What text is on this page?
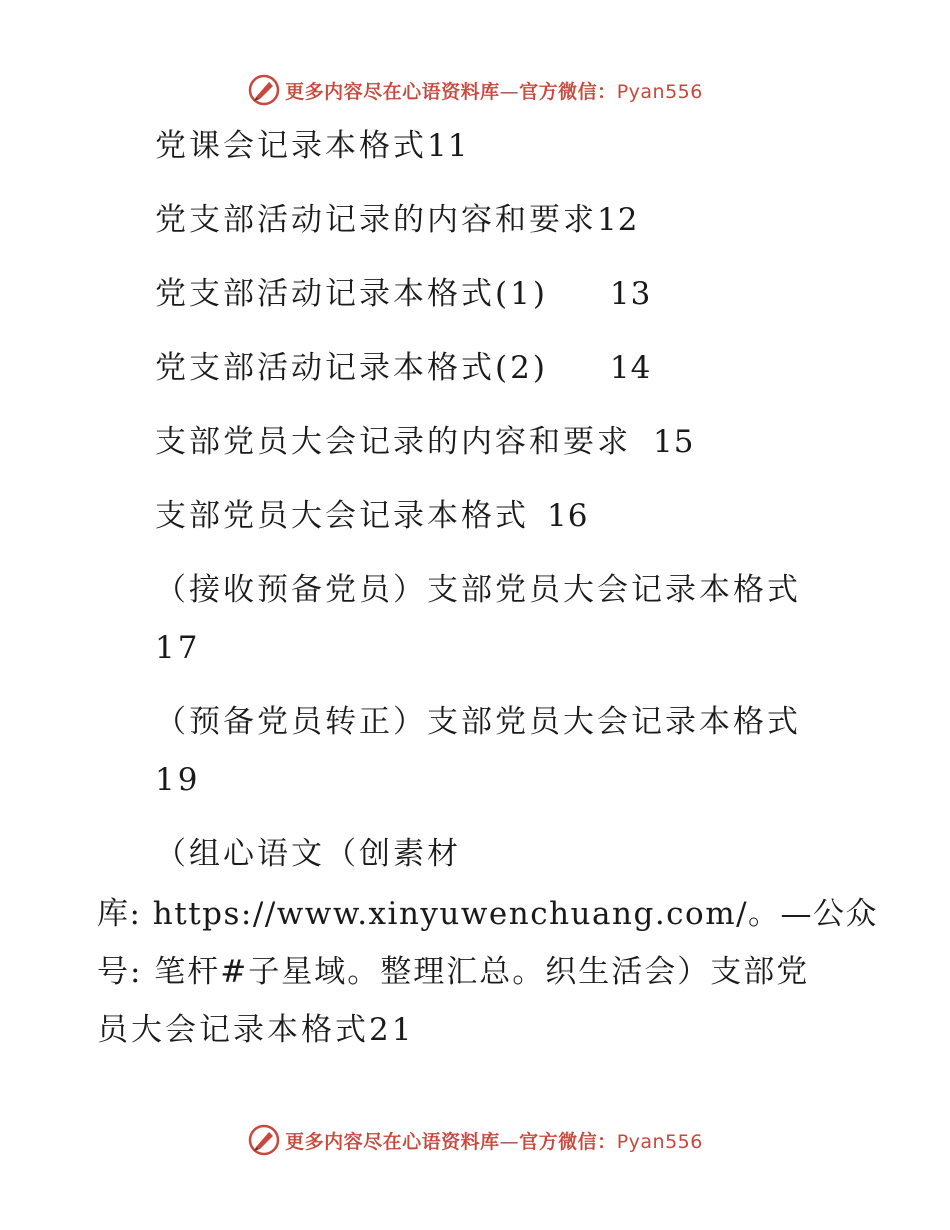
更多内容尽在心语资料库—官方微信：Pyan556
党课会记录本格式11
党支部活动记录的内容和要求12
党支部活动记录本格式(1) 13
党支部活动记录本格式(2) 14
支部党员大会记录的内容和要求 15
支部党员大会记录本格式 16
（接收预备党员）支部党员大会记录本格式
17
（预备党员转正）支部党员大会记录本格式
19
（组心语文（创素材
库: https://www.xinyuwenchuang.com/。—公众
号: 笔杆#子星域。整理汇总。织生活会）支部党
员大会记录本格式21
更多内容尽在心语资料库—官方微信：Pyan556
